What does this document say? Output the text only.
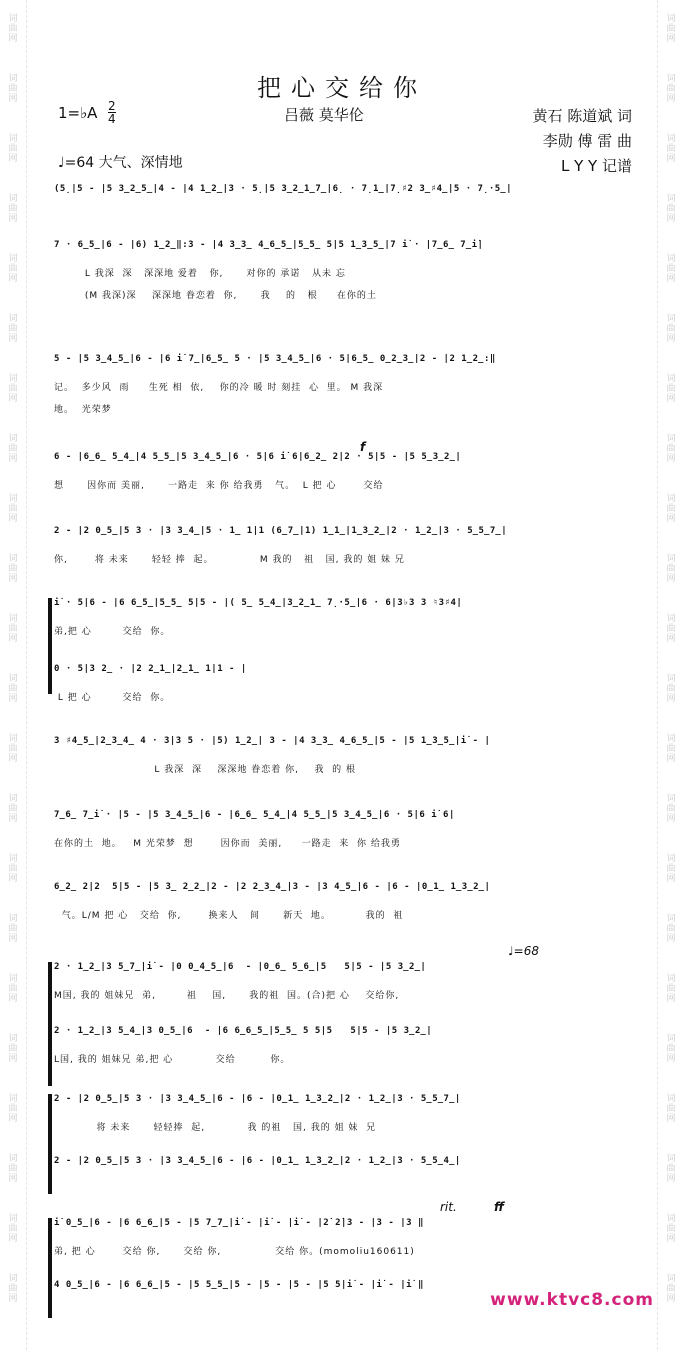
词
曲
网
词
曲
网
词
曲
网
词
曲
网
词
曲
网
词
曲
网
词
曲
网
词
曲
网
词
曲
网
词
曲
网
词
曲
网
词
曲
网
词
曲
网
词
曲
网
词
曲
网
词
曲
网
词
曲
网
词
曲
网
词
曲
网
词
曲
网
词
曲
网
词
曲
网
词
曲
网
词
曲
网
词
曲
网
词
曲
网
词
曲
网
词
曲
网
词
曲
网
词
曲
网
词
曲
网
词
曲
网
词
曲
网
词
曲
网
词
曲
网
词
曲
网
词
曲
网
词
曲
网
词
曲
网
词
曲
网
词
曲
网
词
曲
网
词
曲
网
词
曲
网
把心交给你
1=♭A 2
4	吕薇 莫华伦	黄石 陈道斌 词
李勋 傅 雷 曲
L Y Y 记谱
♩=64 大气、深情地
(5̣|5 - |5 3̲2̲5̲|4 - |4 1̲2̲|3 · 5̣|5 3̲2̲1̲7̲|6̣ · 7̣1̲|7̣♯2 3̲♯4̲|5 · 7̣·5̲|
7 · 6̲5̲|6 - |6) 1̲2̲‖:3 - |4 3̲3̲ 4̲6̲5̲|5̲5̲ 5|5 1̲3̲5̲|7 i̇ · |7̲6̲ 7̲i̇|
L 我深  深   深深地 爱着   你,      对你的 承诺   从未 忘
(M 我深)深    深深地 眷恋着  你,      我    的   根     在你的土
5 - |5 3̲4̲5̲|6 - |6 i̇ 7̲|6̲5̲ 5 · |5 3̲4̲5̲|6 · 5|6̲5̲ 0̲2̲3̲|2 - |2 1̲2̲:‖
记。  多少风  雨     生死 相  依,    你的冷 暖 时 刻挂  心  里。 M 我深
地。  光荣梦
6 - |6̲6̲ 5̲4̲|4 5̲5̲|5 3̲4̲5̲|6 · 5|6 i̇ 6|6̲2̲ 2|2 · 5|5 - |5 5̲3̲2̲|
想      因你而 美丽,      一路走  来 你 给我勇   气。  L 把 心       交给
2 - |2 0̲5̲|5 3 · |3 3̲4̲|5 · 1̲ 1|1 (6̲7̲|1) 1̲1̲|1̲3̲2̲|2 · 1̲2̲|3 · 5̲5̲7̲|
你,       将 未来      轻轻 捧  起。            M 我的   祖   国, 我的 姐 妹 兄
i̇ · 5|6 - |6 6̲5̲|5̲5̲ 5|5 - |( 5̲ 5̲4̲|3̲2̲1̲ 7̣·5̲|6 · 6|3♭3 3 ♮3♯4|
弟,把 心        交给  你。
0 · 5|3 2̲ · |2 2̲1̲|2̲1̲ 1|1 - |
L 把 心        交给  你。
3 ♯4̲5̲|2̲3̲4̲ 4 · 3|3 5 · |5) 1̲2̲| 3 - |4 3̲3̲ 4̲6̲5̲|5 - |5 1̲3̲5̲|i̇ - |
L 我深  深    深深地 眷恋着 你,    我  的 根
7̲6̲ 7̲i̇ · |5 - |5 3̲4̲5̲|6 - |6̲6̲ 5̲4̲|4 5̲5̲|5 3̲4̲5̲|6 · 5|6 i̇ 6|
在你的土  地。   M 光荣梦  想       因你而  美丽,     一路走  来  你 给我勇
6̲2̲ 2|2  5|5 - |5 3̲ 2̲2̲|2 - |2 2̲3̲4̲|3 - |3 4̲5̲|6 - |6 - |0̲1̲ 1̲3̲2̲|
气。L/M 把 心   交给  你,       换来人   间      新天  地。         我的  祖
2 · 1̲2̲|3 5̲7̲|i̇ - |0 0̲4̲5̲|6  - |0̲6̲ 5̲6̲|5   5|5 - |5 3̲2̲|
M国, 我的 姐妹兄  弟,        祖    国,      我的祖  国。(合)把 心    交给你,
2 · 1̲2̲|3 5̲4̲|3 0̲5̲|6  - |6 6̲6̲5̲|5̲5̲ 5 5|5   5|5 - |5 3̲2̲|
L国, 我的 姐妹兄 弟,把 心           交给         你。
2 - |2 0̲5̲|5 3 · |3 3̲4̲5̲|6 - |6 - |0̲1̲ 1̲3̲2̲|2 · 1̲2̲|3 · 5̲5̲7̲|
将 未来      轻轻捧  起,           我 的祖   国, 我的 姐 妹  兄
2 - |2 0̲5̲|5 3 · |3 3̲4̲5̲|6 - |6 - |0̲1̲ 1̲3̲2̲|2 · 1̲2̲|3 · 5̲5̲4̲|
i̇ 0̲5̲|6 - |6 6̲6̲|5 - |5 7̲7̲|i̇ - |i̇ - |i̇ - |2̇ 2̇|3 - |3 - |3 ‖
弟, 把 心       交给 你,      交给 你,              交给 你。(momoliu160611)
4 0̲5̲|6 - |6 6̲6̲|5 - |5 5̲5̲|5 - |5 - |5 - |5 5|i̇ - |i̇ - |i̇ ‖
♩=68
rit.	ff
f
www.ktvc8.com
